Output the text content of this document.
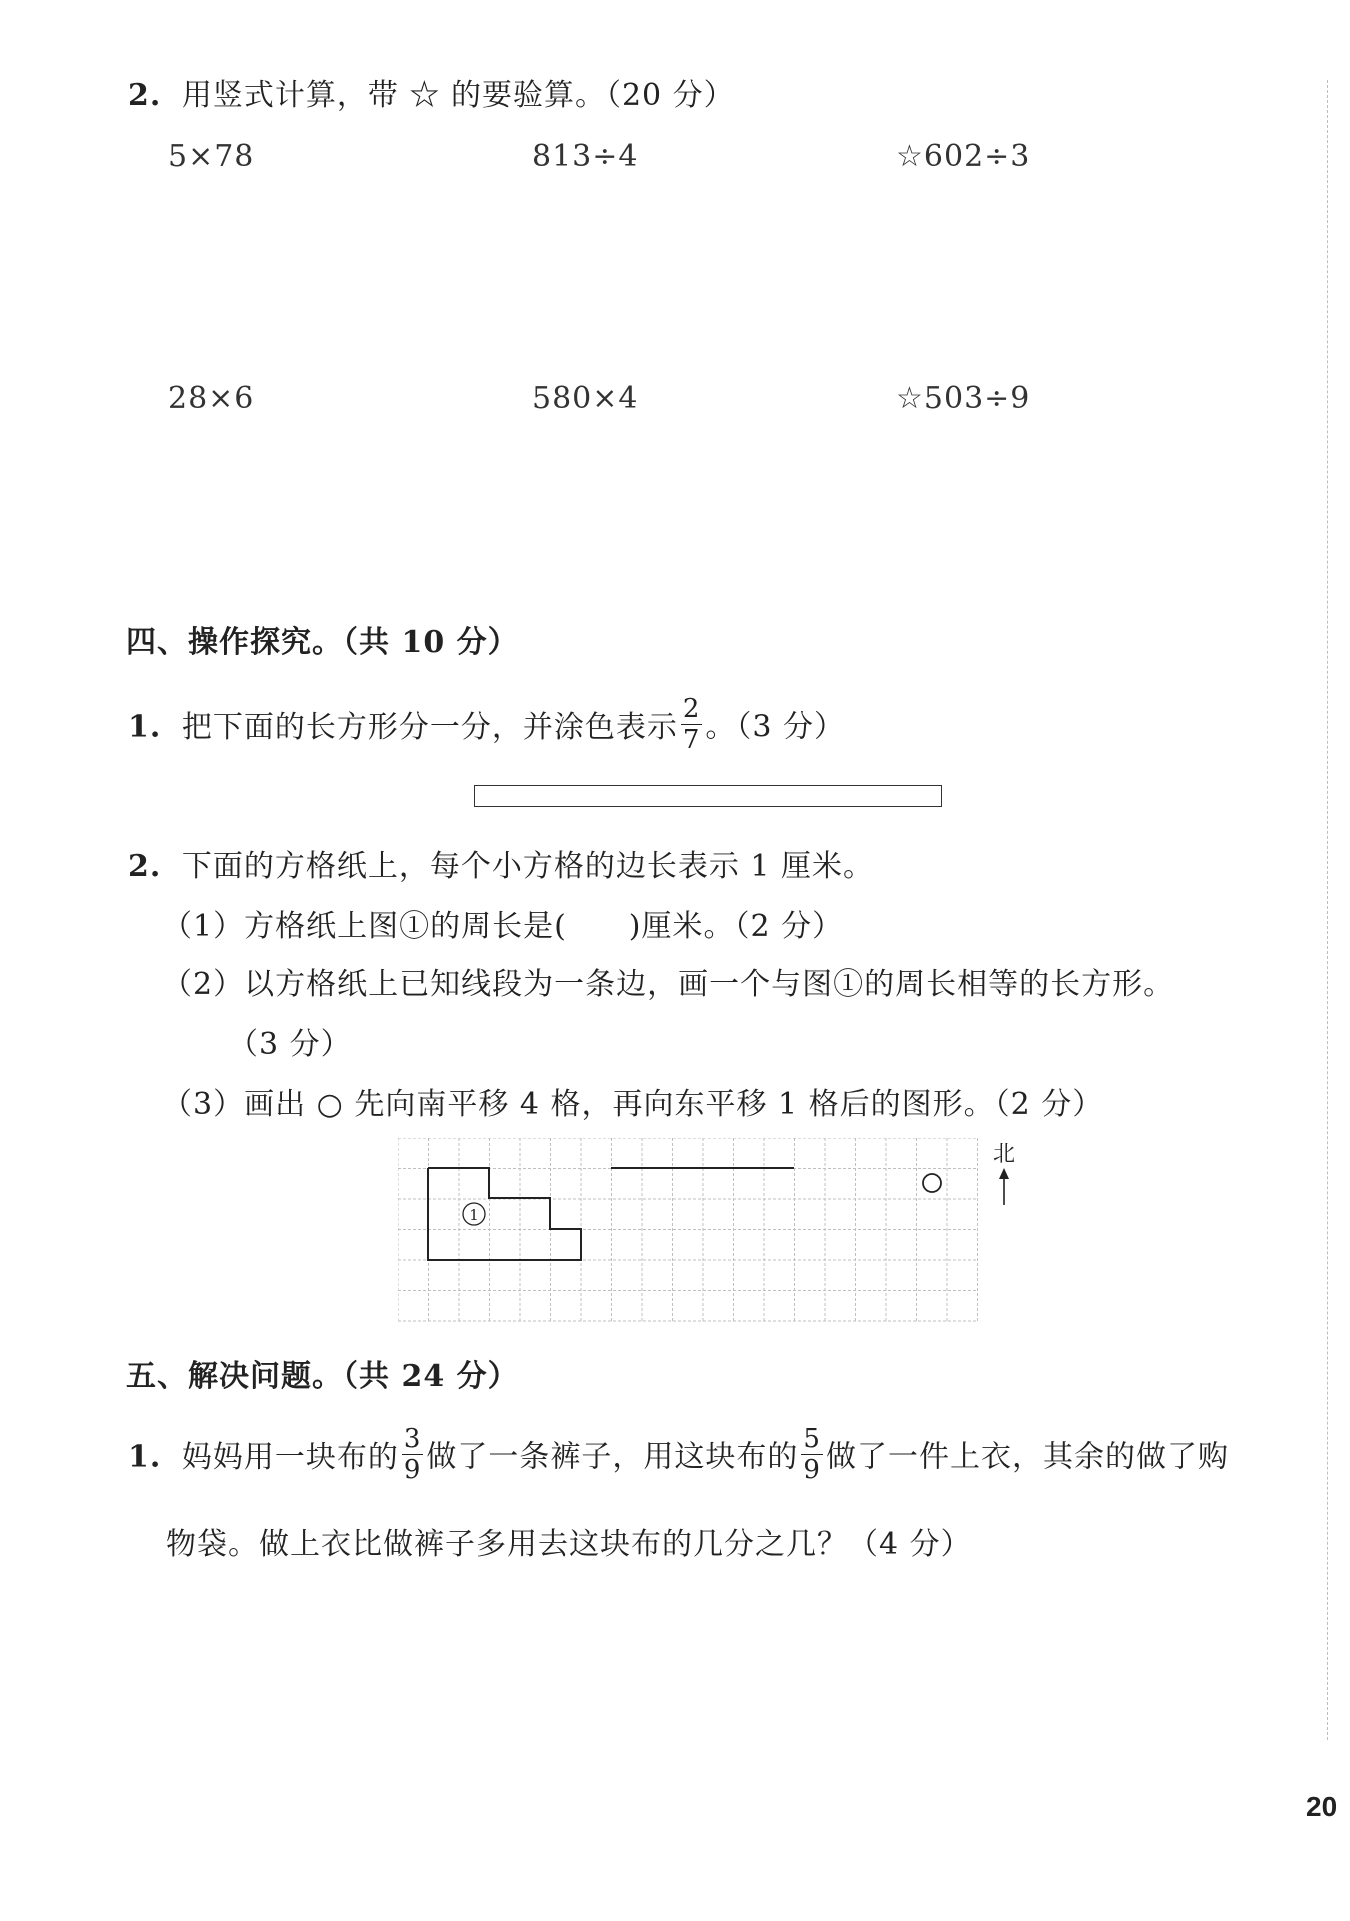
2. 用竖式计算，带 ☆ 的要验算。（20 分）
5×78	813÷4	☆602÷3
28×6	580×4	☆503÷9
四、操作探究。（共 10 分）
1. 把下面的长方形分一分，并涂色表示 $\frac{2}{7}$ 。（3 分）
2. 下面的方格纸上，每个小方格的边长表示 1 厘米。
（1）方格纸上图①的周长是(　　)厘米。（2 分）
（2）以方格纸上已知线段为一条边，画一个与图①的周长相等的长方形。
（3 分）
（3）画出 ○ 先向南平移 4 格，再向东平移 1 格后的图形。（2 分）
1
北
五、解决问题。（共 24 分）
1. 妈妈用一块布的 $\frac{3}{9}$ 做了一条裤子，用这块布的 $\frac{5}{9}$ 做了一件上衣，其余的做了购
物袋。做上衣比做裤子多用去这块布的几分之几？（4 分）
20
